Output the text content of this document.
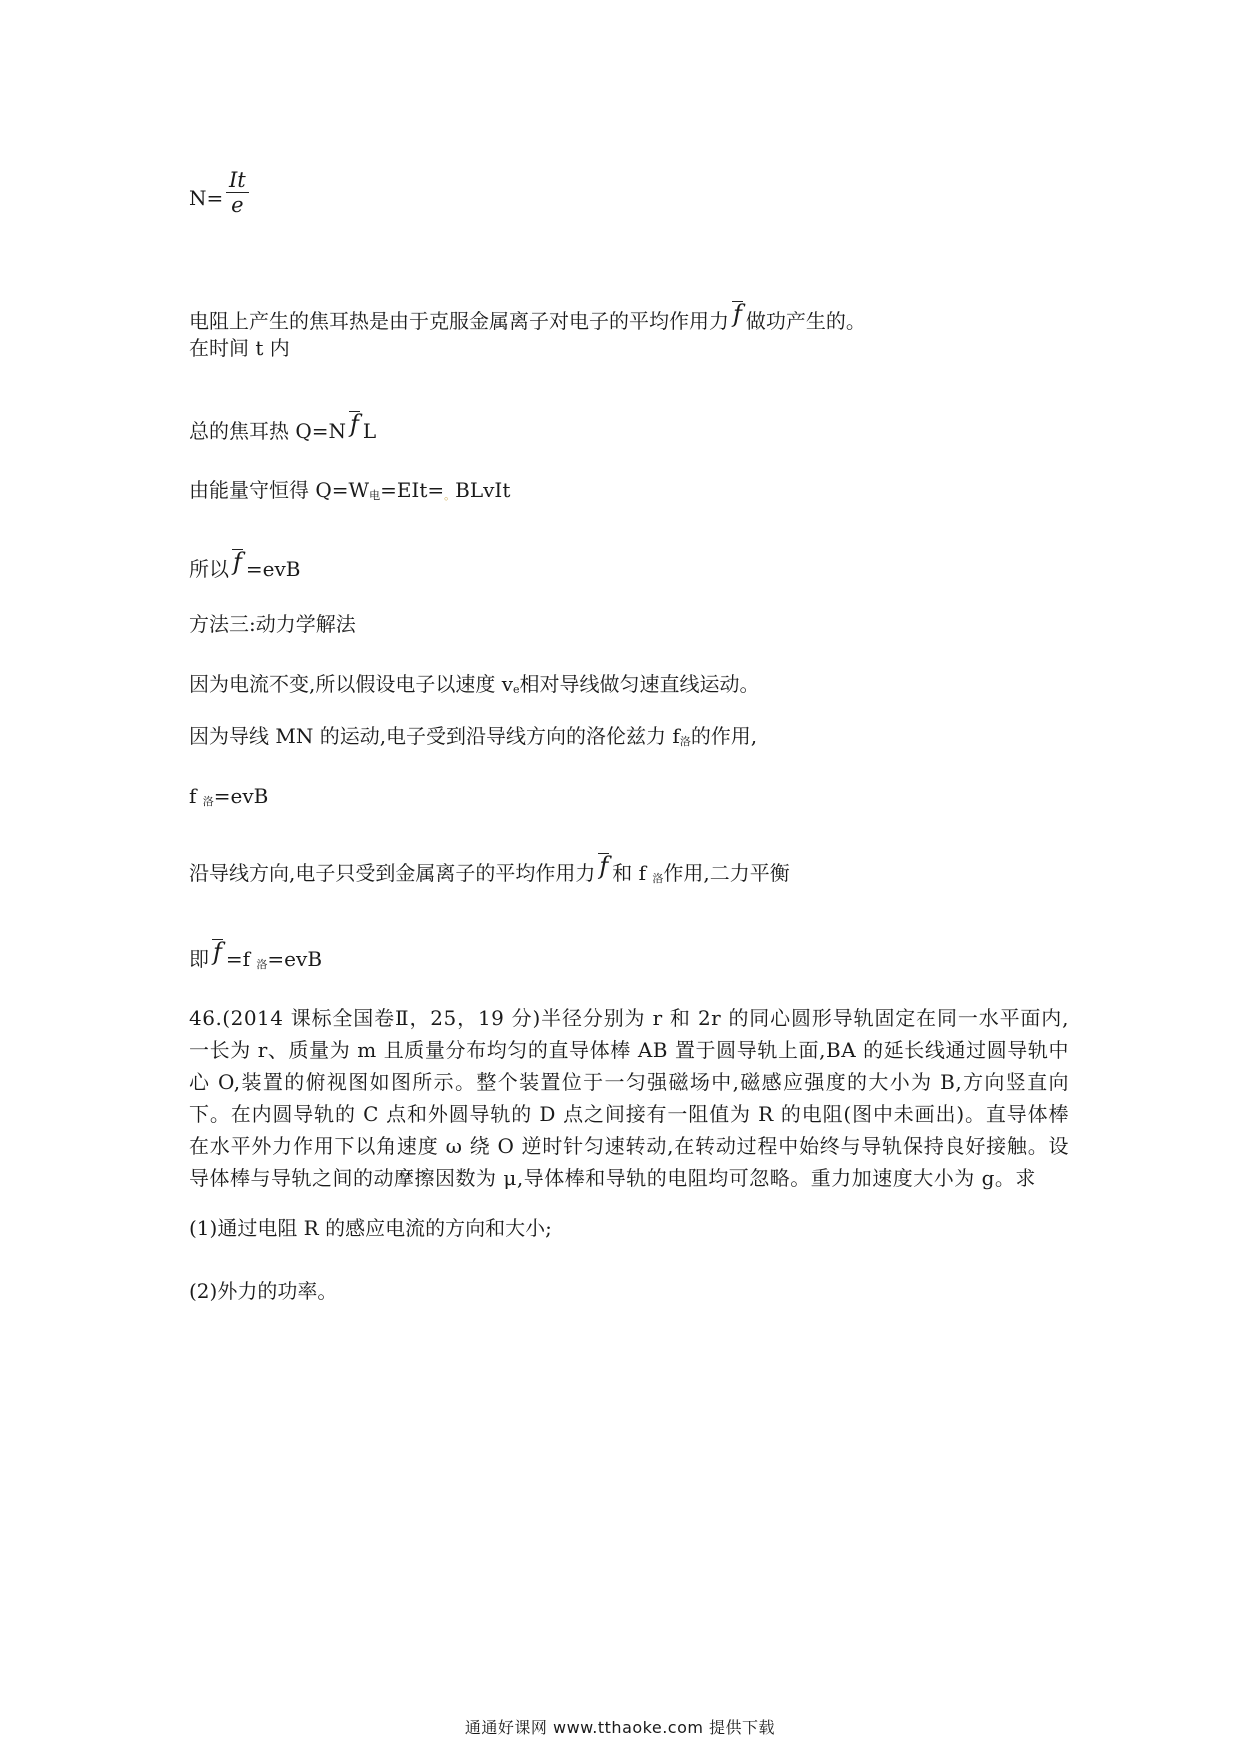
$N= \frac{It}{e}$
电阻上产生的焦耳热是由于克服金属离子对电子的平均作用力 f 做功产生的。
在时间 t 内
总的焦耳热 Q=N f L
由能量守恒得 Q=W电=EIt=。BLvIt
所以 f =evB
方法三:动力学解法
因为电流不变,所以假设电子以速度 ve相对导线做匀速直线运动。
因为导线 MN 的运动,电子受到沿导线方向的洛伦兹力 f洛的作用,
f 洛=evB
沿导线方向,电子只受到金属离子的平均作用力 f 和 f 洛作用,二力平衡
即 f =f 洛=evB
46.(2014 课标全国卷Ⅱ，25，19 分)半径分别为 r 和 2r 的同心圆形导轨固定在同一水平面内,一长为 r、质量为 m 且质量分布均匀的直导体棒 AB 置于圆导轨上面,BA 的延长线通过圆导轨中心 O,装置的俯视图如图所示。整个装置位于一匀强磁场中,磁感应强度的大小为 B,方向竖直向下。在内圆导轨的 C 点和外圆导轨的 D 点之间接有一阻值为 R 的电阻(图中未画出)。直导体棒在水平外力作用下以角速度 ω 绕 O 逆时针匀速转动,在转动过程中始终与导轨保持良好接触。设导体棒与导轨之间的动摩擦因数为 μ,导体棒和导轨的电阻均可忽略。重力加速度大小为 g。求
(1)通过电阻 R 的感应电流的方向和大小;
(2)外力的功率。
通通好课网 www.tthaoke.com 提供下载
